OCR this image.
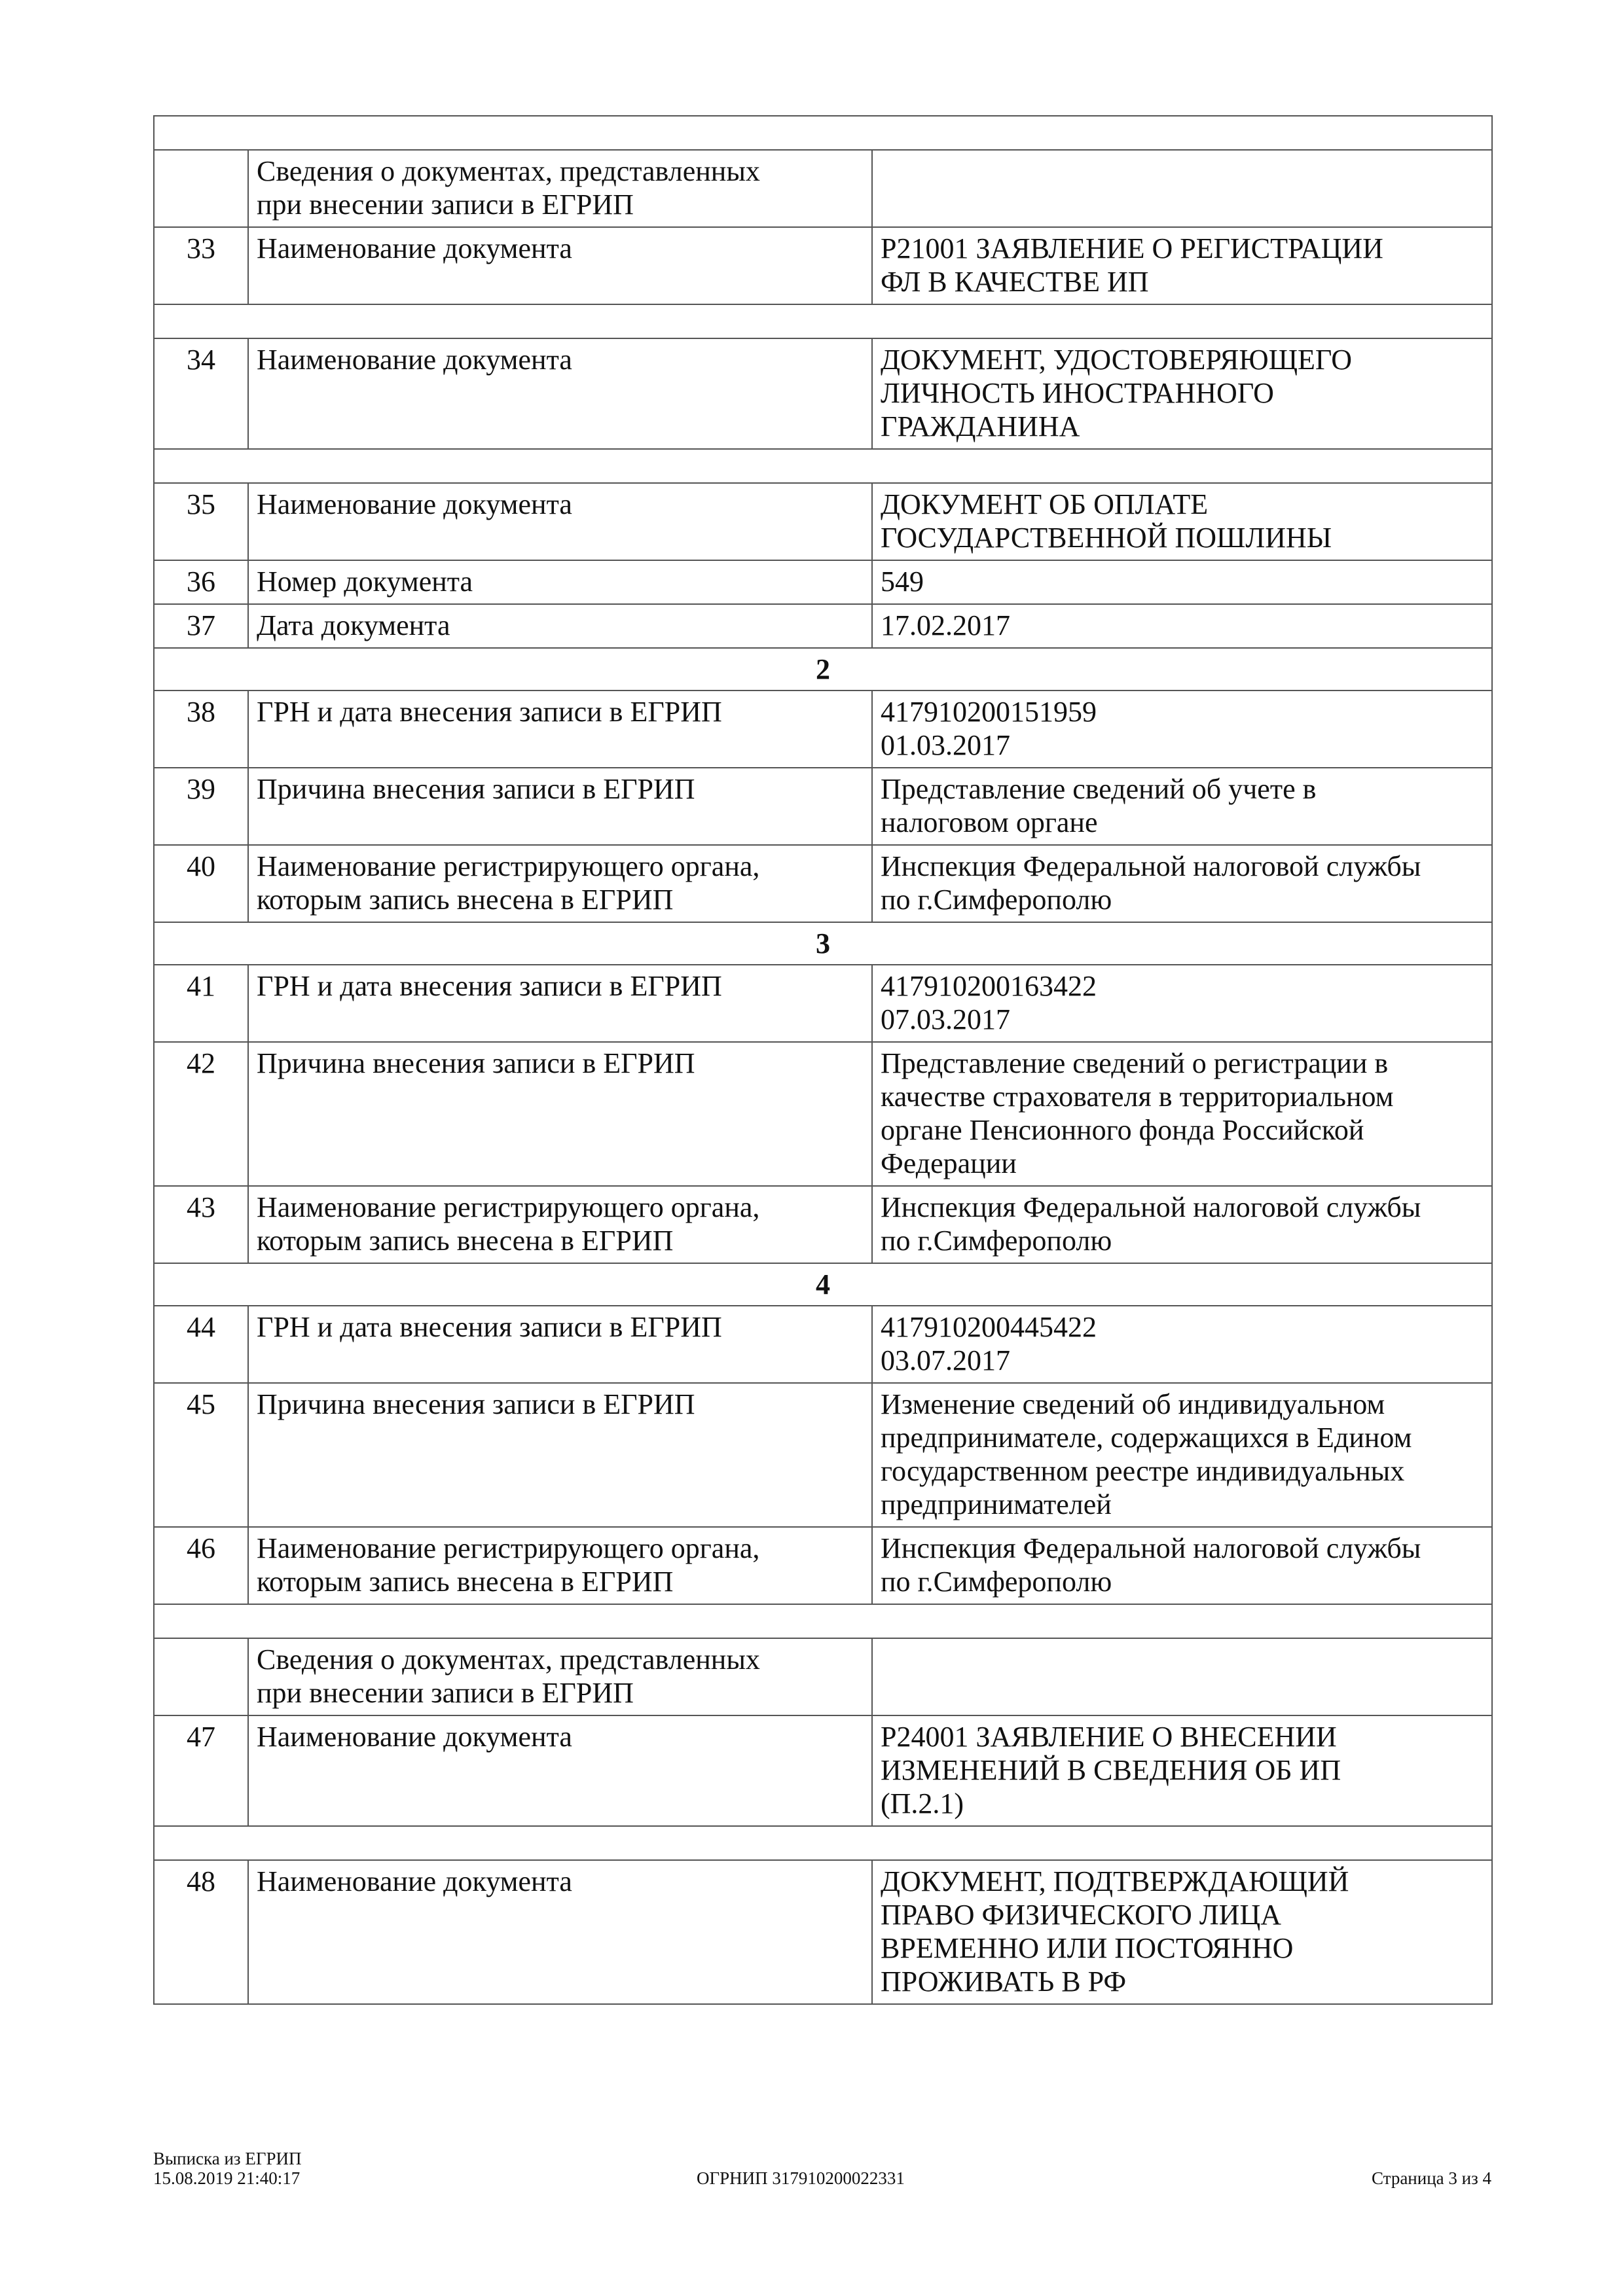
	Сведения о документах, представленных
при внесении записи в ЕГРИП	
33	Наименование документа	Р21001 ЗАЯВЛЕНИЕ О РЕГИСТРАЦИИ
ФЛ В КАЧЕСТВЕ ИП

34	Наименование документа	ДОКУМЕНТ, УДОСТОВЕРЯЮЩЕГО
ЛИЧНОСТЬ ИНОСТРАННОГО
ГРАЖДАНИНА

35	Наименование документа	ДОКУМЕНТ ОБ ОПЛАТЕ
ГОСУДАРСТВЕННОЙ ПОШЛИНЫ
36	Номер документа	549
37	Дата документа	17.02.2017
2		
38	ГРН и дата внесения записи в ЕГРИП	417910200151959
01.03.2017
39	Причина внесения записи в ЕГРИП	Представление сведений об учете в
налоговом органе
40	Наименование регистрирующего органа,
которым запись внесена в ЕГРИП	Инспекция Федеральной налоговой службы
по г.Симферополю
3		
41	ГРН и дата внесения записи в ЕГРИП	417910200163422
07.03.2017
42	Причина внесения записи в ЕГРИП	Представление сведений о регистрации в
качестве страхователя в территориальном
органе Пенсионного фонда Российской
Федерации
43	Наименование регистрирующего органа,
которым запись внесена в ЕГРИП	Инспекция Федеральной налоговой службы
по г.Симферополю
4		
44	ГРН и дата внесения записи в ЕГРИП	417910200445422
03.07.2017
45	Причина внесения записи в ЕГРИП	Изменение сведений об индивидуальном
предпринимателе, содержащихся в Едином
государственном реестре индивидуальных
предпринимателей
46	Наименование регистрирующего органа,
которым запись внесена в ЕГРИП	Инспекция Федеральной налоговой службы
по г.Симферополю

	Сведения о документах, представленных
при внесении записи в ЕГРИП	
47	Наименование документа	Р24001 ЗАЯВЛЕНИЕ О ВНЕСЕНИИ
ИЗМЕНЕНИЙ В СВЕДЕНИЯ ОБ ИП
(П.2.1)

48	Наименование документа	ДОКУМЕНТ, ПОДТВЕРЖДАЮЩИЙ
ПРАВО ФИЗИЧЕСКОГО ЛИЦА
ВРЕМЕННО ИЛИ ПОСТОЯННО
ПРОЖИВАТЬ В РФ
Выписка из ЕГРИП
15.08.2019 21:40:17	ОГРНИП 317910200022331	Страница 3 из 4
